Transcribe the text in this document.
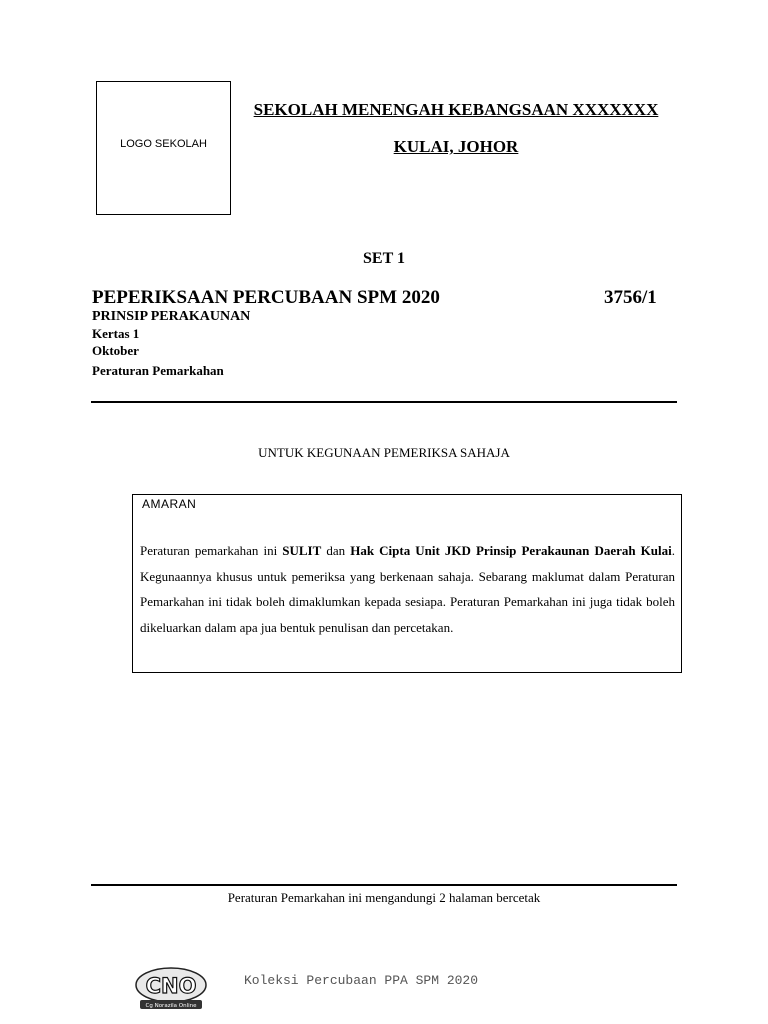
LOGO SEKOLAH
SEKOLAH MENENGAH KEBANGSAAN XXXXXXX
KULAI, JOHOR
SET 1
PEPERIKSAAN PERCUBAAN SPM 2020	3756/1
PRINSIP PERAKAUNAN
Kertas 1
Oktober
Peraturan Pemarkahan
UNTUK KEGUNAAN PEMERIKSA SAHAJA
AMARAN
Peraturan pemarkahan ini SULIT dan Hak Cipta Unit JKD Prinsip Perakaunan Daerah Kulai. Kegunaannya khusus untuk pemeriksa yang berkenaan sahaja. Sebarang maklumat dalam Peraturan Pemarkahan ini tidak boleh dimaklumkan kepada sesiapa. Peraturan Pemarkahan ini juga tidak boleh dikeluarkan dalam apa jua bentuk penulisan dan percetakan.
Peraturan Pemarkahan ini mengandungi 2 halaman bercetak
CNO
Cg Norazila Online
Koleksi Percubaan PPA SPM 2020
